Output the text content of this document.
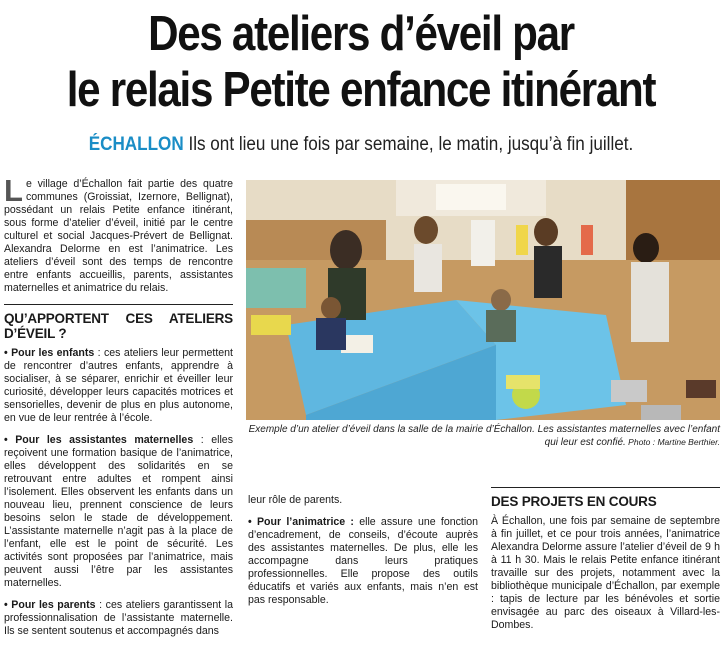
Des ateliers d’éveil par
le relais Petite enfance itinérant
ÉCHALLON Ils ont lieu une fois par semaine, le matin, jusqu’à fin juillet.

Le village d’Échallon fait partie des quatre communes (Groissiat, Izernore, Bellignat), possédant un relais Petite enfance itinérant, sous forme d’atelier d’éveil, initié par le centre culturel et social Jacques-Prévert de Bellignat. Alexandra Delorme en est l’animatrice. Les ateliers d’éveil sont des temps de rencontre entre enfants accueillis, parents, assistantes maternelles et animatrice du relais.

QU’APPORTENT CES ATELIERS D’ÉVEIL ?

• Pour les enfants : ces ateliers leur permettent de rencontrer d’autres enfants, apprendre à socialiser, à se séparer, enrichir et éveiller leur curiosité, développer leurs capacités motrices et sensorielles, devenir de plus en plus autonome, en vue de leur rentrée à l’école.

• Pour les assistantes maternelles : elles reçoivent une formation basique de l’animatrice, elles développent des solidarités en se retrouvant entre adultes et rompent ainsi l’isolement. Elles observent les enfants dans un nouveau lieu, prennent conscience de leurs besoins selon le stade de développement. L’assistante maternelle n’agit pas à la place de l’enfant, elle est le point de sécurité. Les activités sont proposées par l’animatrice, mais peuvent aussi l’être par les assistantes maternelles.

• Pour les parents : ces ateliers garantissent la professionnalisation de l’assistante maternelle. Ils se sentent soutenus et accompagnés dans

Exemple d’un atelier d’éveil dans la salle de la mairie d’Échallon. Les assistantes maternelles avec l’enfant qui leur est confié. Photo : Martine Berthier.

leur rôle de parents.

• Pour l’animatrice : elle assure une fonction d’encadrement, de conseils, d’écoute auprès des assistantes maternelles. De plus, elle les accompagne dans leurs pratiques professionnelles. Elle propose des outils éducatifs et variés aux enfants, mais n’en est pas responsable.

DES PROJETS EN COURS

À Échallon, une fois par semaine de septembre à fin juillet, et ce pour trois années, l’animatrice Alexandra Delorme assure l’atelier d’éveil de 9 h à 11 h 30. Mais le relais Petite enfance itinérant travaille sur des projets, notamment avec la bibliothèque municipale d’Échallon, par exemple : tapis de lecture par les bénévoles et sortie envisagée au parc des oiseaux à Villard-les-Dombes.
